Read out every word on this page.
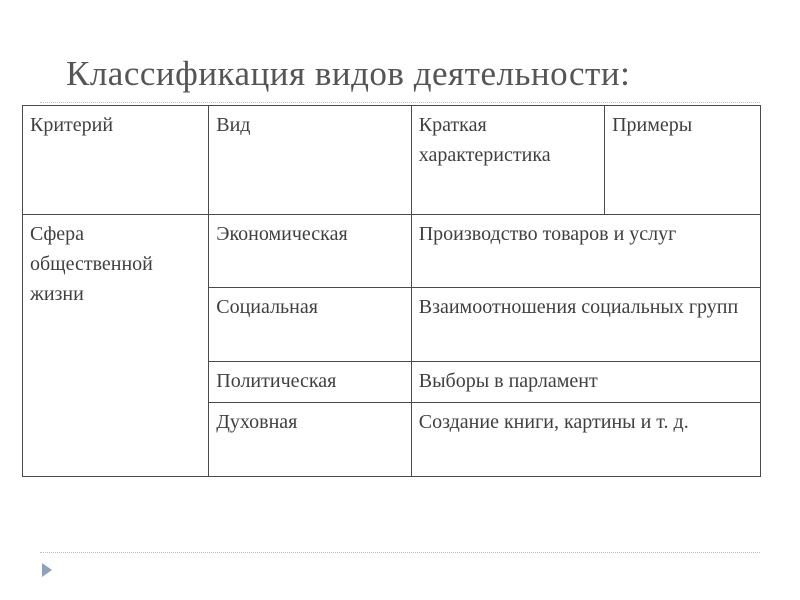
Классификация видов деятельности:
Критерий	Вид	Краткая характеристика	Примеры
Сфера общественной жизни	Экономическая	Производство товаров и услуг	
	Социальная	Взаимоотношения социальных групп	
	Политическая	Выборы в парламент	
	Духовная	Создание книги, картины и т. д.	
